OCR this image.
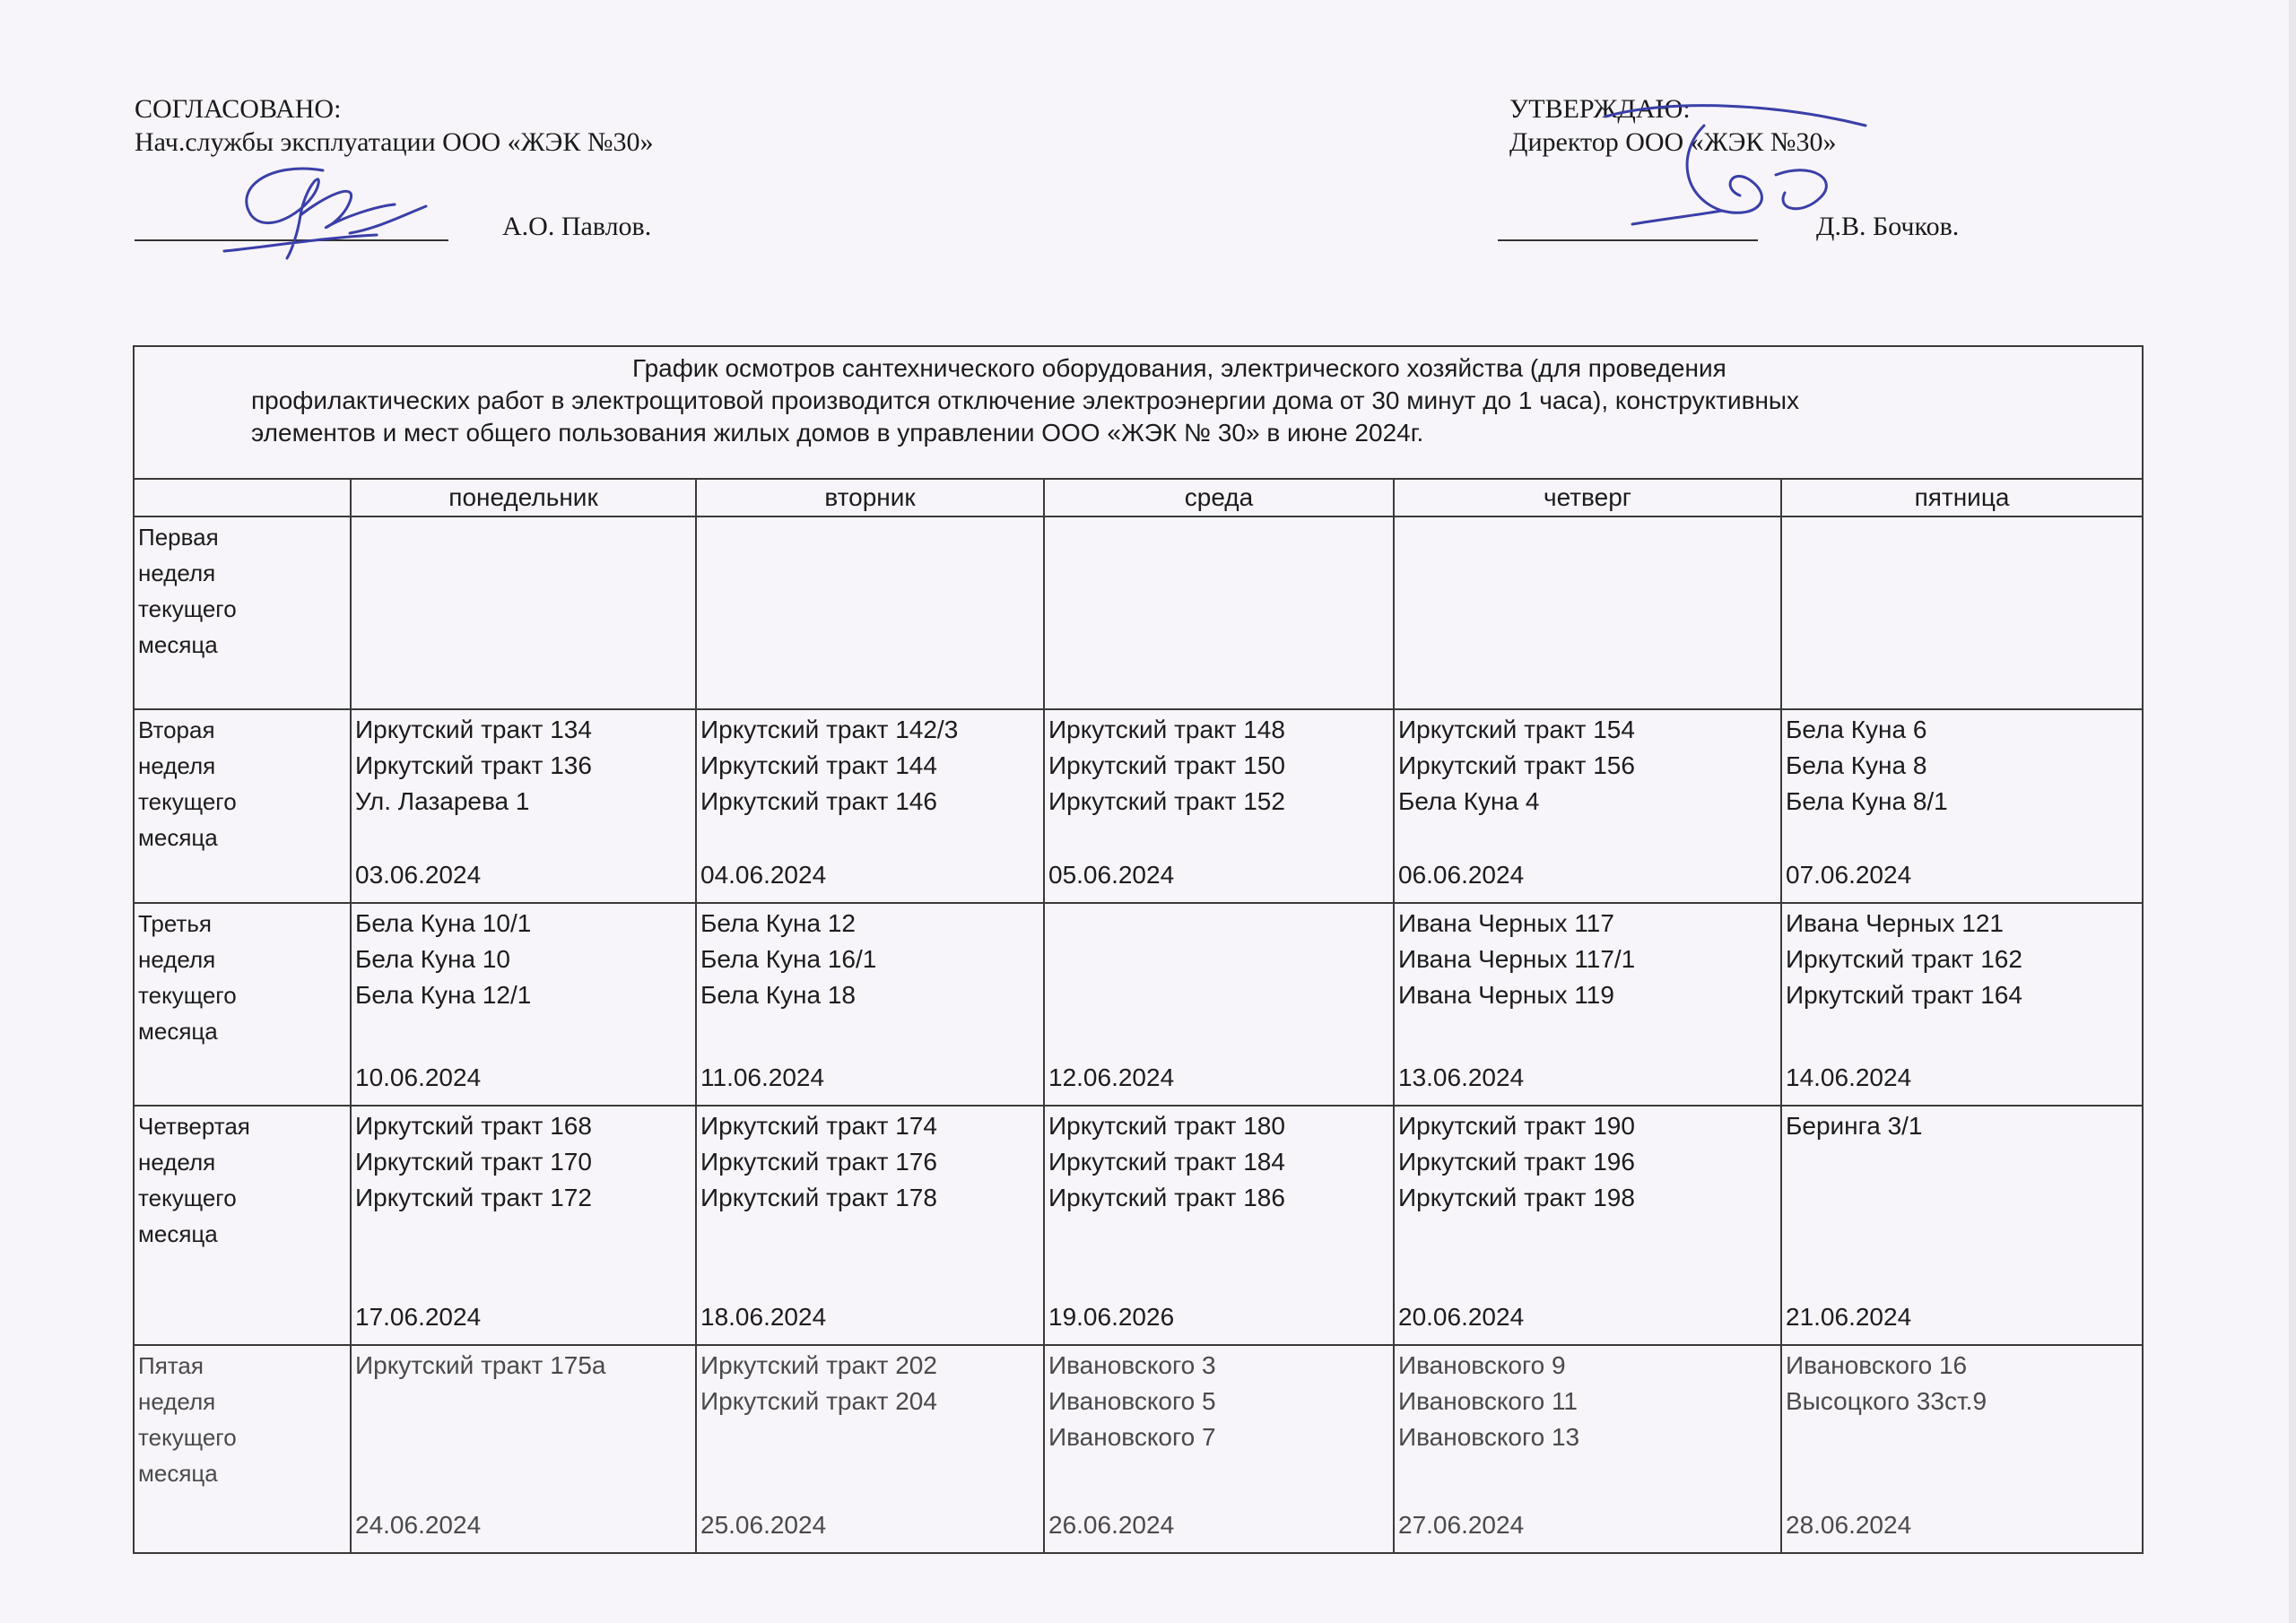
СОГЛАСОВАНО:
Нач.службы эксплуатации ООО «ЖЭК №30»
А.О. Павлов.
УТВЕРЖДАЮ:
Директор ООО «ЖЭК №30»
Д.В. Бочков.
График осмотров сантехнического оборудования, электрического хозяйства (для проведения
профилактических работ в электрощитовой производится отключение электроэнергии дома от 30 минут до 1 часа), конструктивных
элементов и мест общего пользования жилых домов в управлении ООО «ЖЭК № 30» в июне 2024г.					

	понедельник	вторник	среда	четверг	пятница

Первая
неделя
текущего
месяца					

Вторая
неделя
текущего
месяца	Иркутский тракт 134
Иркутский тракт 136
Ул. Лазарева 1
03.06.2024	Иркутский тракт 142/3
Иркутский тракт 144
Иркутский тракт 146
04.06.2024	Иркутский тракт 148
Иркутский тракт 150
Иркутский тракт 152
05.06.2024	Иркутский тракт 154
Иркутский тракт 156
Бела Куна 4
06.06.2024	Бела Куна 6
Бела Куна 8
Бела Куна 8/1
07.06.2024

Третья
неделя
текущего
месяца	Бела Куна 10/1
Бела Куна 10
Бела Куна 12/1
10.06.2024	Бела Куна 12
Бела Куна 16/1
Бела Куна 18
11.06.2024	12.06.2024	Ивана Черных 117
Ивана Черных 117/1
Ивана Черных 119
13.06.2024	Ивана Черных 121
Иркутский тракт 162
Иркутский тракт 164
14.06.2024

Четвертая
неделя
текущего
месяца	Иркутский тракт 168
Иркутский тракт 170
Иркутский тракт 172
17.06.2024	Иркутский тракт 174
Иркутский тракт 176
Иркутский тракт 178
18.06.2024	Иркутский тракт 180
Иркутский тракт 184
Иркутский тракт 186
19.06.2026	Иркутский тракт 190
Иркутский тракт 196
Иркутский тракт 198
20.06.2024	Беринга 3/1
21.06.2024

Пятая
неделя
текущего
месяца	Иркутский тракт 175а
24.06.2024	Иркутский тракт 202
Иркутский тракт 204
25.06.2024	Ивановского 3
Ивановского 5
Ивановского 7
26.06.2024	Ивановского 9
Ивановского 11
Ивановского 13
27.06.2024	Ивановского 16
Высоцкого 33ст.9
28.06.2024
